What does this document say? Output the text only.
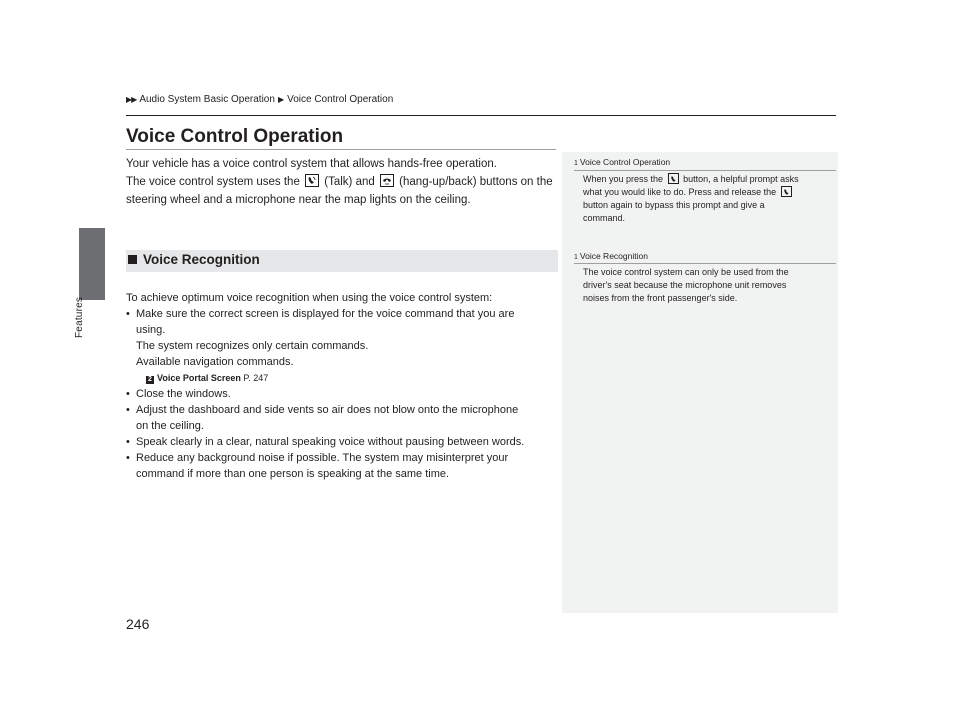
Features
▶▶ Audio System Basic Operation ▶ Voice Control Operation
Voice Control Operation
Your vehicle has a voice control system that allows hands-free operation.
The voice control system uses the (Talk) and (hang-up/back) buttons on the
steering wheel and a microphone near the map lights on the ceiling.
Voice Recognition
To achieve optimum voice recognition when using the voice control system:
• Make sure the correct screen is displayed for the voice command that you are
using.
The system recognizes only certain commands.
Available navigation commands.
2 Voice Portal Screen P. 247
• Close the windows.
• Adjust the dashboard and side vents so air does not blow onto the microphone
on the ceiling.
• Speak clearly in a clear, natural speaking voice without pausing between words.
• Reduce any background noise if possible. The system may misinterpret your
command if more than one person is speaking at the same time.
1 Voice Control Operation
When you press the button, a helpful prompt asks
what you would like to do. Press and release the
button again to bypass this prompt and give a
command.
1 Voice Recognition
The voice control system can only be used from the
driver's seat because the microphone unit removes
noises from the front passenger's side.
246
